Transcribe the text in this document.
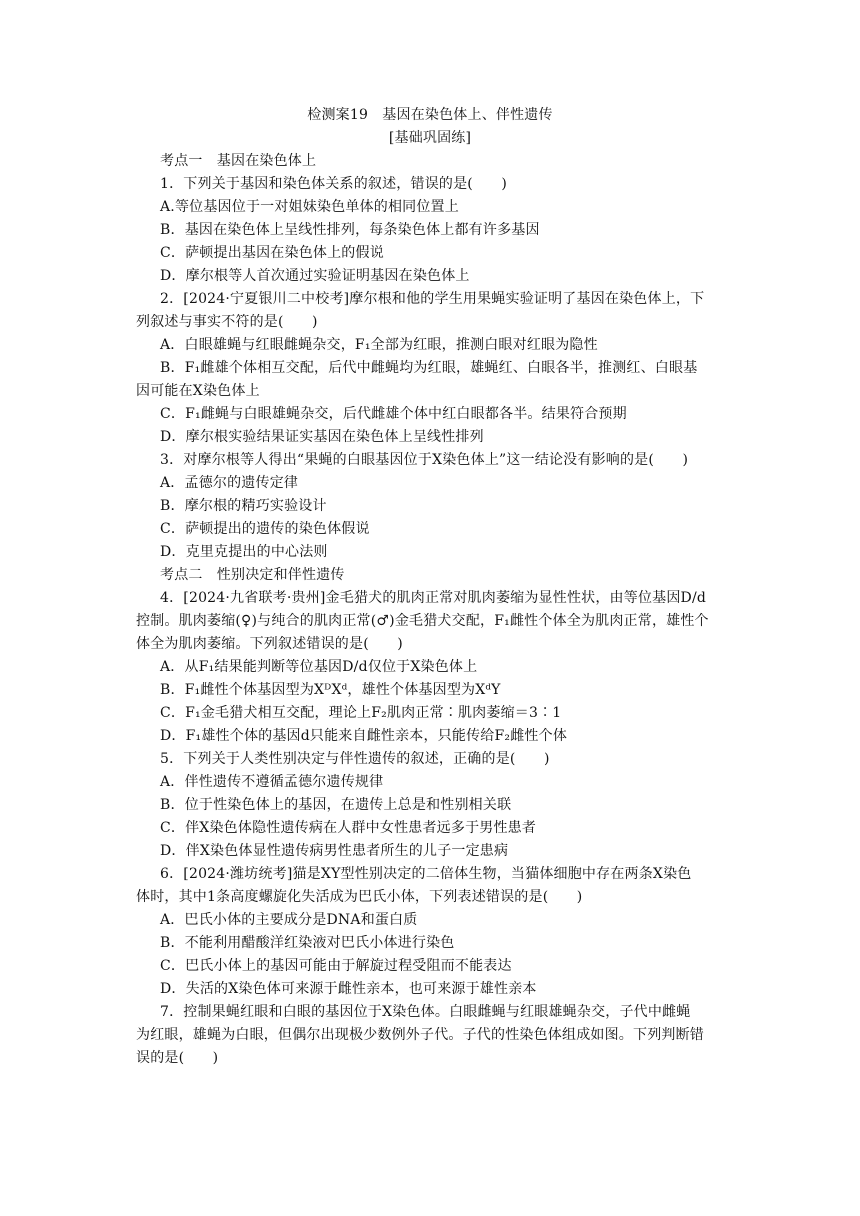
检测案19　基因在染色体上、伴性遗传
[基础巩固练]
考点一　基因在染色体上
1．下列关于基因和染色体关系的叙述，错误的是(　　)
A.等位基因位于一对姐妹染色单体的相同位置上
B．基因在染色体上呈线性排列，每条染色体上都有许多基因
C．萨顿提出基因在染色体上的假说
D．摩尔根等人首次通过实验证明基因在染色体上
2．[2024·宁夏银川二中校考]摩尔根和他的学生用果蝇实验证明了基因在染色体上，下
列叙述与事实不符的是(　　)
A．白眼雄蝇与红眼雌蝇杂交，F₁全部为红眼，推测白眼对红眼为隐性
B．F₁雌雄个体相互交配，后代中雌蝇均为红眼，雄蝇红、白眼各半，推测红、白眼基
因可能在X染色体上
C．F₁雌蝇与白眼雄蝇杂交，后代雌雄个体中红白眼都各半。结果符合预期
D．摩尔根实验结果证实基因在染色体上呈线性排列
3．对摩尔根等人得出“果蝇的白眼基因位于X染色体上”这一结论没有影响的是(　　)
A．孟德尔的遗传定律
B．摩尔根的精巧实验设计
C．萨顿提出的遗传的染色体假说
D．克里克提出的中心法则
考点二　性别决定和伴性遗传
4．[2024·九省联考·贵州]金毛猎犬的肌肉正常对肌肉萎缩为显性性状，由等位基因D/d
控制。肌肉萎缩(♀)与纯合的肌肉正常(♂)金毛猎犬交配，F₁雌性个体全为肌肉正常，雄性个
体全为肌肉萎缩。下列叙述错误的是(　　)
A．从F₁结果能判断等位基因D/d仅位于X染色体上
B．F₁雌性个体基因型为XᴰXᵈ，雄性个体基因型为XᵈY
C．F₁金毛猎犬相互交配，理论上F₂肌肉正常∶肌肉萎缩＝3∶1
D．F₁雄性个体的基因d只能来自雌性亲本，只能传给F₂雌性个体
5．下列关于人类性别决定与伴性遗传的叙述，正确的是(　　)
A．伴性遗传不遵循孟德尔遗传规律
B．位于性染色体上的基因，在遗传上总是和性别相关联
C．伴X染色体隐性遗传病在人群中女性患者远多于男性患者
D．伴X染色体显性遗传病男性患者所生的儿子一定患病
6．[2024·潍坊统考]猫是XY型性别决定的二倍体生物，当猫体细胞中存在两条X染色
体时，其中1条高度螺旋化失活成为巴氏小体，下列表述错误的是(　　)
A．巴氏小体的主要成分是DNA和蛋白质
B．不能利用醋酸洋红染液对巴氏小体进行染色
C．巴氏小体上的基因可能由于解旋过程受阻而不能表达
D．失活的X染色体可来源于雌性亲本，也可来源于雄性亲本
7．控制果蝇红眼和白眼的基因位于X染色体。白眼雌蝇与红眼雄蝇杂交，子代中雌蝇
为红眼，雄蝇为白眼，但偶尔出现极少数例外子代。子代的性染色体组成如图。下列判断错
误的是(　　)
